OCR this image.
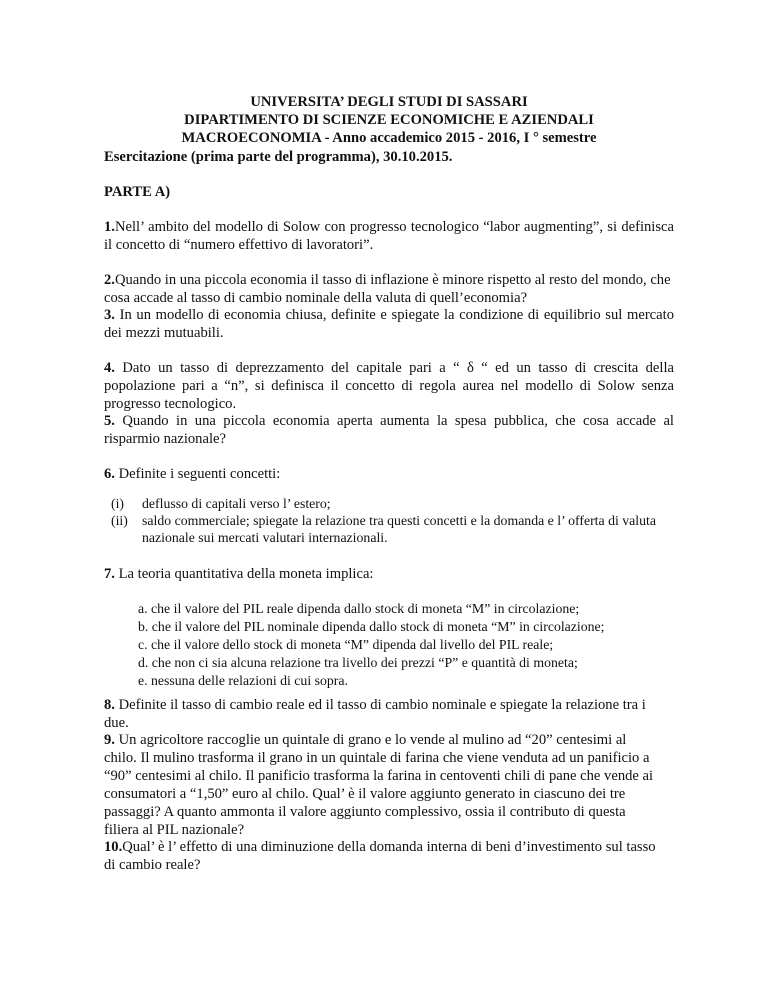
UNIVERSITA’ DEGLI STUDI DI SASSARI
DIPARTIMENTO DI SCIENZE ECONOMICHE E AZIENDALI
MACROECONOMIA - Anno accademico 2015 - 2016, I ° semestre
Esercitazione (prima parte del programma), 30.10.2015.
PARTE A)
1.Nell’ ambito del modello di Solow con progresso tecnologico “labor augmenting”, si definisca il concetto di “numero effettivo di lavoratori”.
2.Quando in una piccola economia il tasso di inflazione è minore rispetto al resto del mondo, che cosa accade al tasso di cambio nominale della valuta di quell’economia?
3. In un modello di economia chiusa, definite e spiegate la condizione di equilibrio sul mercato dei mezzi mutuabili.
4. Dato un tasso di deprezzamento del capitale pari a “ δ “ ed un tasso di crescita della popolazione pari a “n”, si definisca il concetto di regola aurea nel modello di Solow senza progresso tecnologico.
5. Quando in una piccola economia aperta aumenta la spesa pubblica, che cosa accade al risparmio nazionale?
6. Definite i seguenti concetti:
(i)	deflusso di capitali verso l’ estero;
(ii)	saldo commerciale; spiegate la relazione tra questi concetti e la domanda e l’ offerta di valuta nazionale sui mercati valutari internazionali.
7. La teoria quantitativa della moneta implica:
a. che il valore del PIL reale dipenda dallo stock di moneta “M” in circolazione;
b. che il valore del PIL nominale dipenda dallo stock di moneta “M” in circolazione;
c. che il valore dello stock di moneta “M” dipenda dal livello del PIL reale;
d. che non ci sia alcuna relazione tra livello dei prezzi “P” e quantità di moneta;
e. nessuna delle relazioni di cui sopra.
8. Definite il tasso di cambio reale ed il tasso di cambio nominale e spiegate la relazione tra i due.
9. Un agricoltore raccoglie un quintale di grano e lo vende al mulino ad “20” centesimi al chilo. Il mulino trasforma il grano in un quintale di farina che viene venduta ad un panificio a “90” centesimi al chilo. Il panificio trasforma la farina in centoventi chili di pane che vende ai consumatori a “1,50” euro al chilo. Qual’ è il valore aggiunto generato in ciascuno dei tre passaggi? A quanto ammonta il valore aggiunto complessivo, ossia il contributo di questa filiera al PIL nazionale?
10.Qual’ è l’ effetto di una diminuzione della domanda interna di beni d’investimento sul tasso di cambio reale?
